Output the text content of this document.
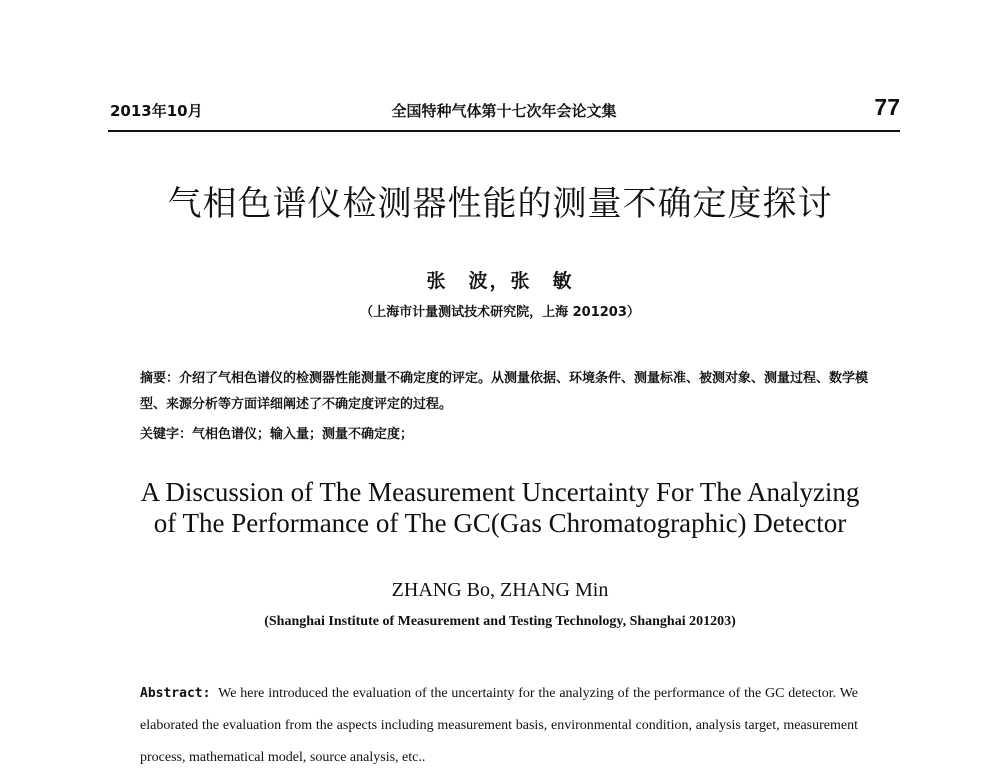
2013年10月	全国特种气体第十七次年会论文集	77
气相色谱仪检测器性能的测量不确定度探讨
张　波，张　敏
（上海市计量测试技术研究院，上海 201203）
摘要：介绍了气相色谱仪的检测器性能测量不确定度的评定。从测量依据、环境条件、测量标准、被测对象、测量过程、数学模型、来源分析等方面详细阐述了不确定度评定的过程。
关键字：气相色谱仪；输入量；测量不确定度；
A Discussion of The Measurement Uncertainty For The Analyzing
of The Performance of The GC(Gas Chromatographic) Detector
ZHANG Bo, ZHANG Min
(Shanghai Institute of Measurement and Testing Technology, Shanghai 201203)
Abstract: We here introduced the evaluation of the uncertainty for the analyzing of the performance of the GC detector. We elaborated the evaluation from the aspects including measurement basis, environmental condition, analysis target, measurement process, mathematical model, source analysis, etc..
